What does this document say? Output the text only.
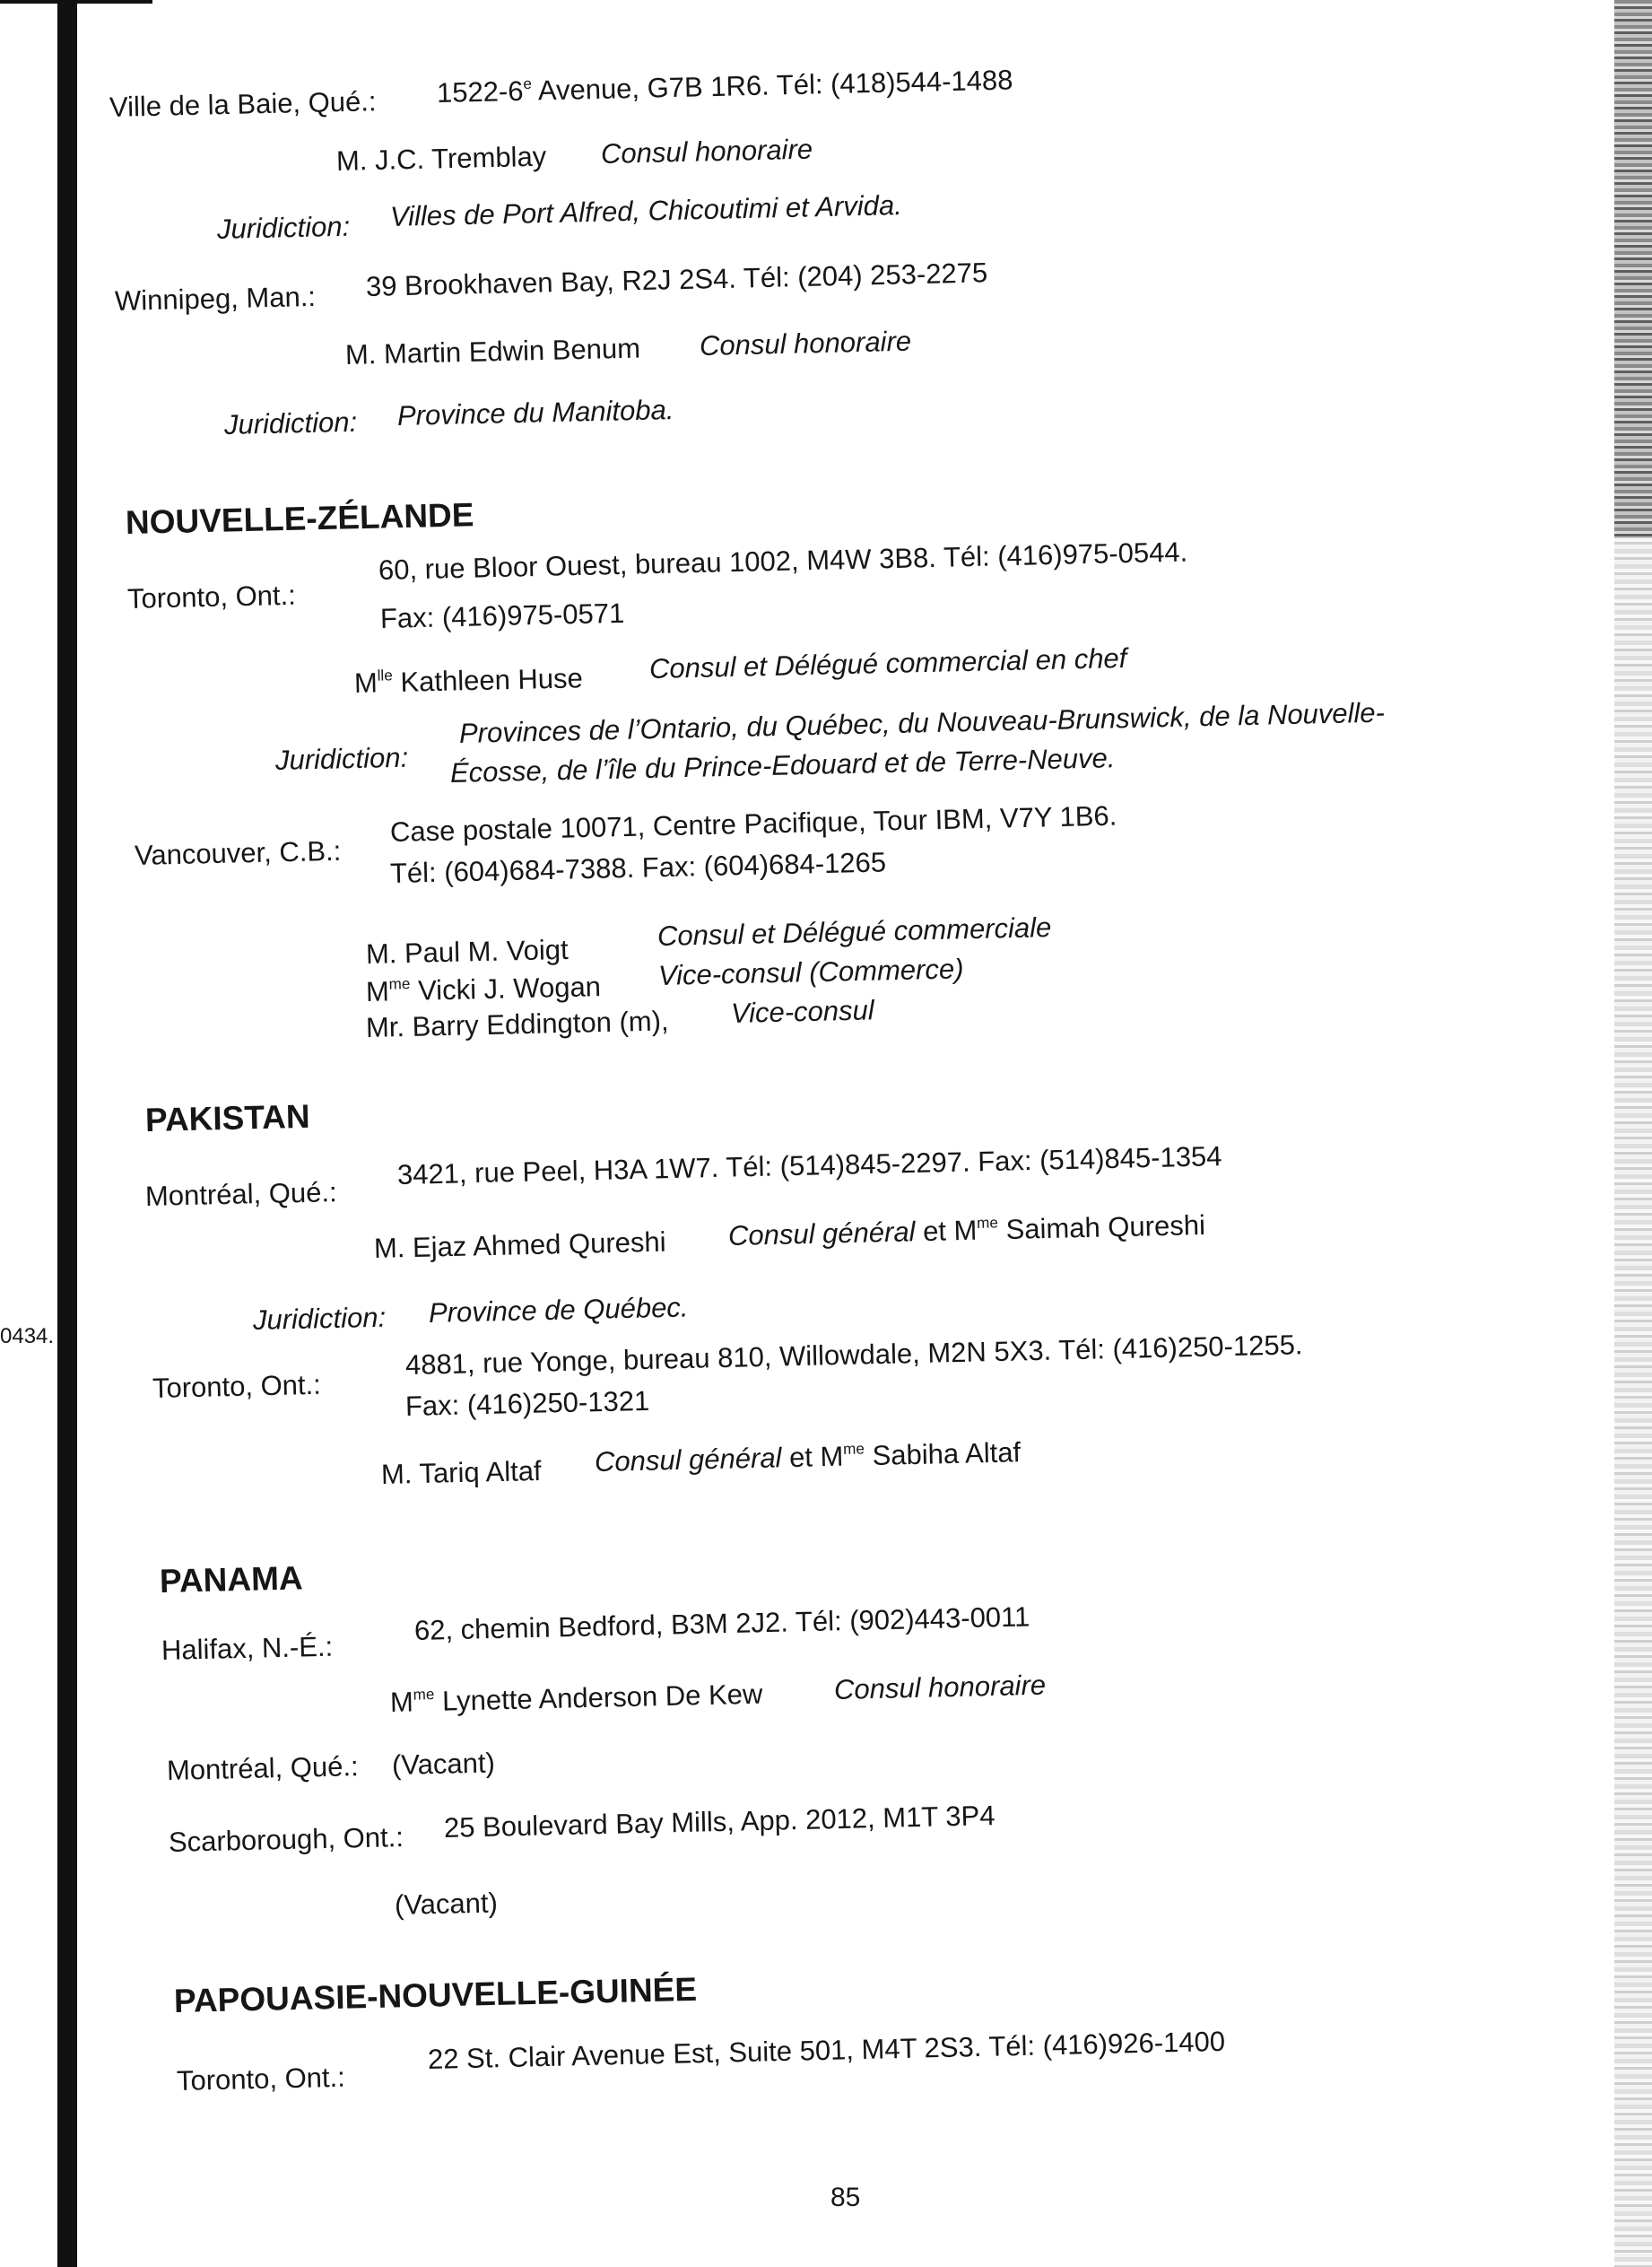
0434.
Ville de la Baie, Qué.: 1522-6e Avenue, G7B 1R6. Tél: (418)544-1488
M. J.C. Tremblay Consul honoraire
Juridiction: Villes de Port Alfred, Chicoutimi et Arvida.
Winnipeg, Man.: 39 Brookhaven Bay, R2J 2S4. Tél: (204) 253-2275
M. Martin Edwin Benum Consul honoraire
Juridiction: Province du Manitoba.
NOUVELLE-ZÉLANDE
Toronto, Ont.:
60, rue Bloor Ouest, bureau 1002, M4W 3B8. Tél: (416)975-0544.
Fax: (416)975-0571
$M^{lle}$ Kathleen Huse Consul et Délégué commercial en chef
Juridiction:
Provinces de l’Ontario, du Québec, du Nouveau-Brunswick, de la Nouvelle-
Écosse, de l’île du Prince-Edouard et de Terre-Neuve.
Vancouver, C.B.:
Case postale 10071, Centre Pacifique, Tour IBM, V7Y 1B6.
Tél: (604)684-7388. Fax: (604)684-1265
M. Paul M. Voigt	Consul et Délégué commerciale
$M^{me}$ Vicki J. Wogan Vice-consul (Commerce)
Mr. Barry Eddington (m), Vice-consul
PAKISTAN
Montréal, Qué.:
3421, rue Peel, H3A 1W7. Tél: (514)845-2297. Fax: (514)845-1354
M. Ejaz Ahmed Qureshi Consul général et $M^{me}$ Saimah Qureshi
Juridiction: Province de Québec.
Toronto, Ont.:
4881, rue Yonge, bureau 810, Willowdale, M2N 5X3. Tél: (416)250-1255.
Fax: (416)250-1321
M. Tariq Altaf Consul général et $M^{me}$ Sabiha Altaf
PANAMA
Halifax, N.-É.:
62, chemin Bedford, B3M 2J2. Tél: (902)443-0011
$M^{me}$ Lynette Anderson De Kew	Consul honoraire
Montréal, Qué.: (Vacant)
Scarborough, Ont.: 25 Boulevard Bay Mills, App. 2012, M1T 3P4
(Vacant)
PAPOUASIE-NOUVELLE-GUINÉE
Toronto, Ont.:
22 St. Clair Avenue Est, Suite 501, M4T 2S3. Tél: (416)926-1400
85
